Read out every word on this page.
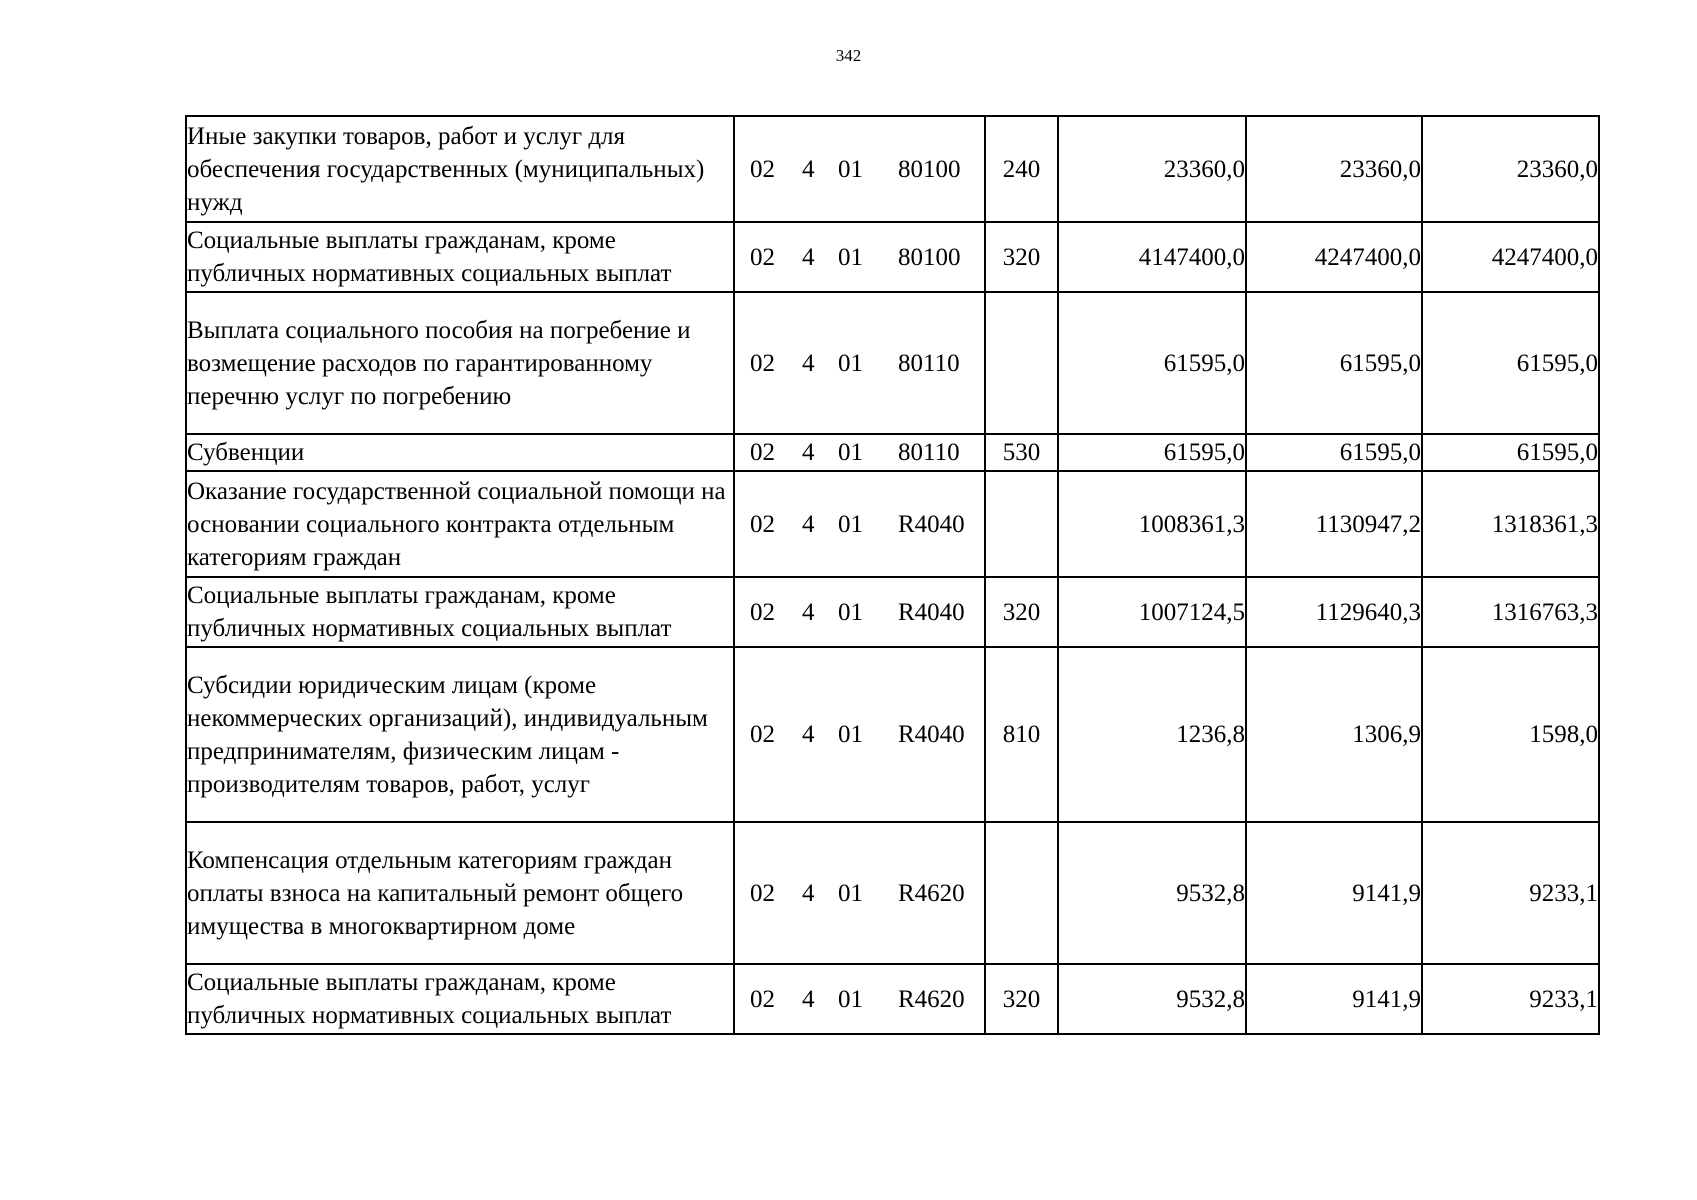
342
Иные закупки товаров, работ и услуг для обеспечения государственных (муниципальных) нужд	02 4 01 80100	240	23360,0	23360,0	23360,0
Социальные выплаты гражданам, кроме публичных нормативных социальных выплат	02 4 01 80100	320	4147400,0	4247400,0	4247400,0
Выплата социального пособия на погребение и возмещение расходов по гарантированному перечню услуг по погребению	02 4 01 80110		61595,0	61595,0	61595,0
Субвенции	02 4 01 80110	530	61595,0	61595,0	61595,0
Оказание государственной социальной помощи на основании социального контракта отдельным категориям граждан	02 4 01 R4040		1008361,3	1130947,2	1318361,3
Социальные выплаты гражданам, кроме публичных нормативных социальных выплат	02 4 01 R4040	320	1007124,5	1129640,3	1316763,3
Субсидии юридическим лицам (кроме некоммерческих организаций), индивидуальным предпринимателям, физическим лицам - производителям товаров, работ, услуг	02 4 01 R4040	810	1236,8	1306,9	1598,0
Компенсация отдельным категориям граждан оплаты взноса на капитальный ремонт общего имущества в многоквартирном доме	02 4 01 R4620		9532,8	9141,9	9233,1
Социальные выплаты гражданам, кроме публичных нормативных социальных выплат	02 4 01 R4620	320	9532,8	9141,9	9233,1
